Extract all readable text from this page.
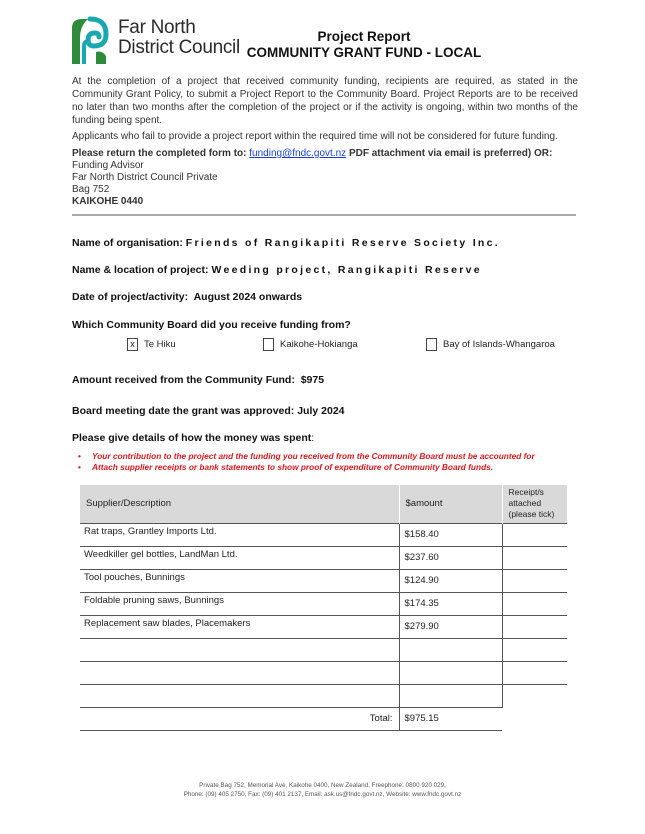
Far North
District Council
Project Report
COMMUNITY GRANT FUND - LOCAL

At the completion of a project that received community funding, recipients are required, as stated in the Community Grant Policy, to submit a Project Report to the Community Board. Project Reports are to be received no later than two months after the completion of the project or if the activity is ongoing, within two months of the funding being spent.

Applicants who fail to provide a project report within the required time will not be considered for future funding.

Please return the completed form to: funding@fndc.govt.nz PDF attachment via email is preferred) OR:
Funding Advisor
Far North District Council Private
Bag 752
KAIKOHE 0440
Name of organisation: Friends of Rangikapiti Reserve Society Inc.
Name & location of project: Weeding project, Rangikapiti Reserve
Date of project/activity: August 2024 onwards
Which Community Board did you receive funding from?
x Te Hiku	Kaikohe-Hokianga	Bay of Islands-Whangaroa
Amount received from the Community Fund: $975
Board meeting date the grant was approved: July 2024
Please give details of how the money was spent:
• Your contribution to the project and the funding you received from the Community Board must be accounted for
• Attach supplier receipts or bank statements to show proof of expenditure of Community Board funds.
Supplier/Description	$amount	Receipt/s attached (please tick)
Rat traps, Grantley Imports Ltd.	$158.40	
Weedkiller gel bottles, LandMan Ltd.	$237.60	
Tool pouches, Bunnings	$124.90	
Foldable pruning saws, Bunnings	$174.35	
Replacement saw blades, Placemakers	$279.90	

Total:	$975.15	
Private Bag 752, Memorial Ave, Kaikohe 0400, New Zealand, Freephone: 0800 920 029,
Phone: (09) 405 2750, Fax: (09) 401 2137, Email: ask.us@fndc.govt.nz, Website: www.fndc.govt.nz
